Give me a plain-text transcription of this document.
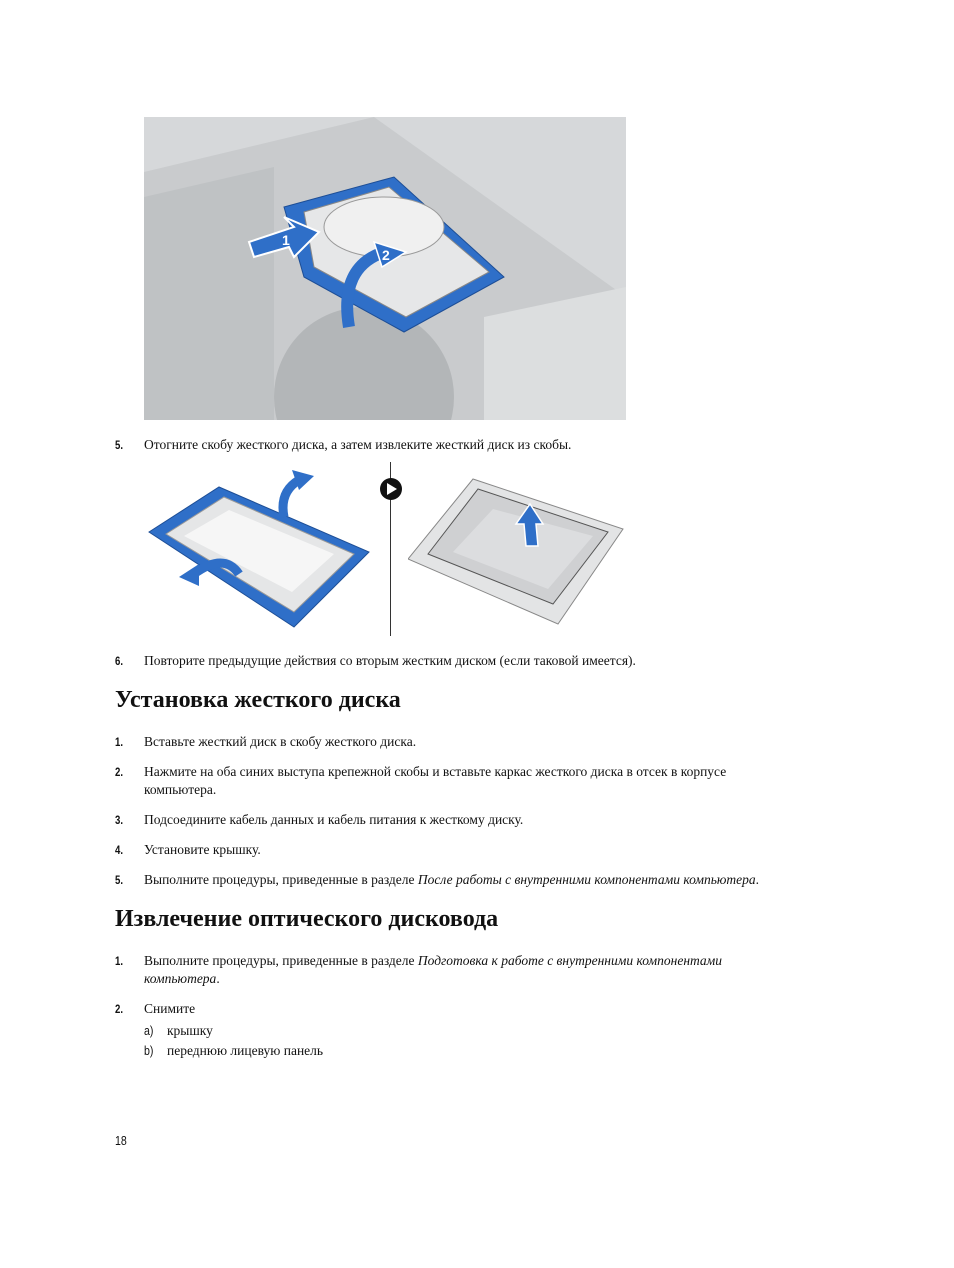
1
2
5. Отогните скобу жесткого диска, а затем извлеките жесткий диск из скобы.
6. Повторите предыдущие действия со вторым жестким диском (если таковой имеется).
Установка жесткого диска
1. Вставьте жесткий диск в скобу жесткого диска.
2. Нажмите на оба синих выступа крепежной скобы и вставьте каркас жесткого диска в отсек в корпусе
компьютера.
3. Подсоедините кабель данных и кабель питания к жесткому диску.
4. Установите крышку.
5. Выполните процедуры, приведенные в разделе После работы с внутренними компонентами компьютера.
Извлечение оптического дисковода
1. Выполните процедуры, приведенные в разделе Подготовка к работе с внутренними компонентами
компьютера.
2. Снимите
a) крышку
b) переднюю лицевую панель
18
